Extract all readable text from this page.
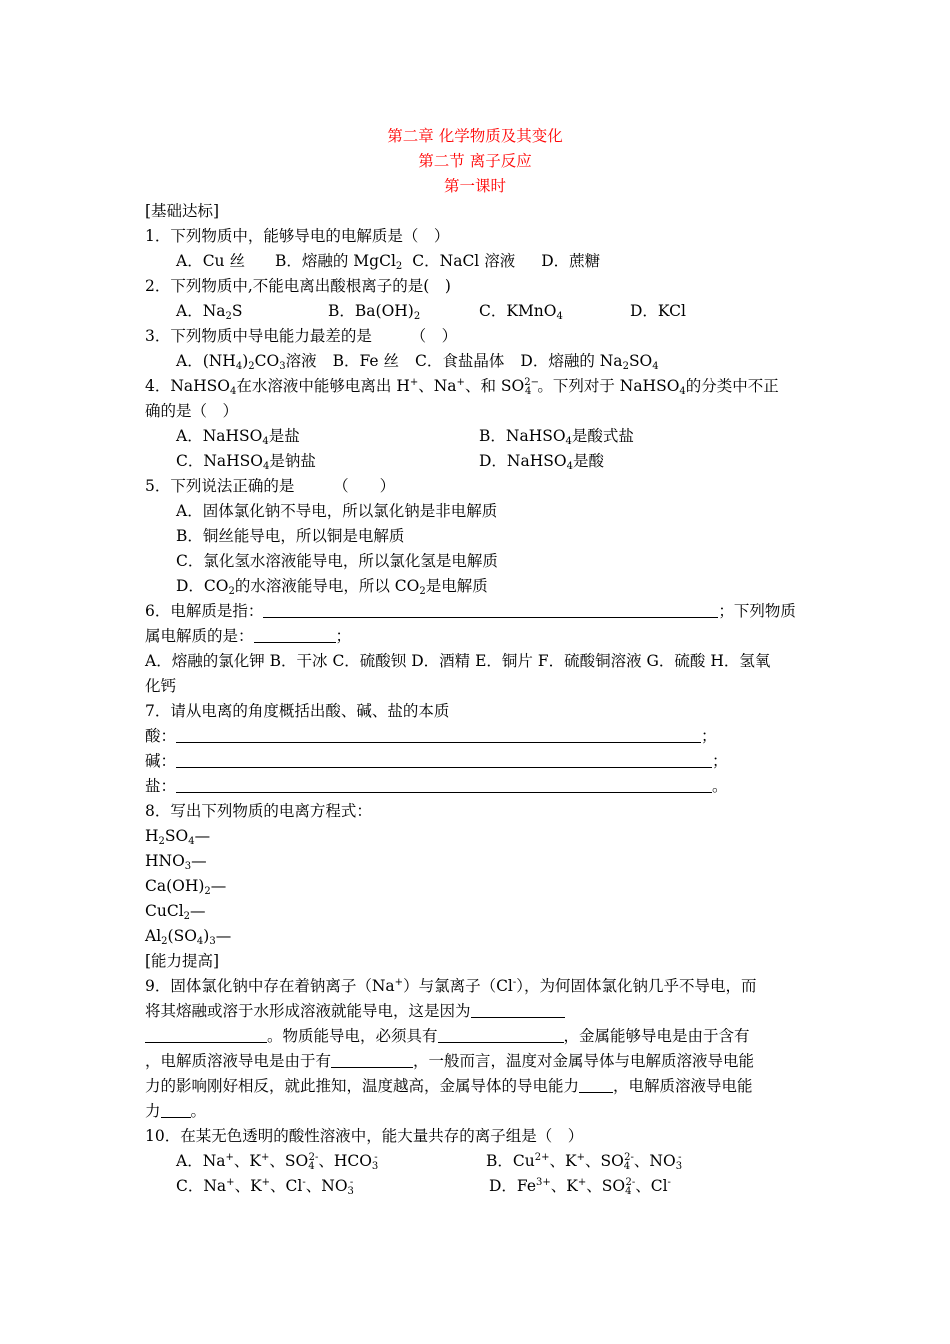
第二章 化学物质及其变化
第二节 离子反应
第一课时
[基础达标]
1．下列物质中，能够导电的电解质是（　）
A．Cu 丝 B．熔融的 MgCl$_2$ C．NaCl 溶液 D．蔗糖
2．下列物质中,不能电离出酸根离子的是(　)
A．$Na_2S$	B．$Ba(OH)_2$	C．KMnO$_4$	D．KCl
3．下列物质中导电能力最差的是　　　（　）
A．$(NH_4)_2CO_3$溶液 B．Fe 丝 C．食盐晶体 D．熔融的 $Na_2SO_4$
4．NaHSO$_4$在水溶液中能够电离出 H+、Na+、和 $SO^{2-}_4$ 。下列对于 NaHSO$_4$的分类中不正
确的是（　）
A．NaHSO$_4$是盐	B．NaHSO$_4$是酸式盐
C．NaHSO$_4$是钠盐	D．NaHSO$_4$是酸
5．下列说法正确的是　　　（　　）
A．固体氯化钠不导电，所以氯化钠是非电解质
B．铜丝能导电，所以铜是电解质
C．氯化氢水溶液能导电，所以氯化氢是电解质
D．$CO_2$的水溶液能导电，所以 $CO_2$是电解质
6．电解质是指：	；下列物质
属电解质的是：	；
A．熔融的氯化钾 B．干冰 C．硫酸钡 D．酒精 E．铜片 F．硫酸铜溶液 G．硫酸 H．氢氧
化钙
7．请从电离的角度概括出酸、碱、盐的本质
酸：	；
碱：	；
盐：	。
8．写出下列物质的电离方程式：
$H_2SO_4—$
$HNO_3—$
$Ca(OH)_2—$
CuCl$_2$—
$Al_2(SO_4)_3—$
[能力提高]
9．固体氯化钠中存在着钠离子（Na+）与氯离子（Cl-），为何固体氯化钠几乎不导电，而
将其熔融或溶于水形成溶液就能导电，这是因为
。物质能导电，必须具有	，金属能够导电是由于含有
，电解质溶液导电是由于有	，一般而言，温度对金属导体与电解质溶液导电能
力的影响刚好相反，就此推知，温度越高，金属导体的导电能力 ，电解质溶液导电能
力 。
10．在某无色透明的酸性溶液中，能大量共存的离子组是（　）
A．Na+、K+、$SO_4^{2-}$、$HCO_3^-$	B．$Cu^{2+}$、K+、$SO_4^{2-}$、$NO_3^-$
C．Na+、K+、Cl-、$NO_3^-$	D．$Fe^{3+}$、K+、$SO_4^{2-}$、Cl-
